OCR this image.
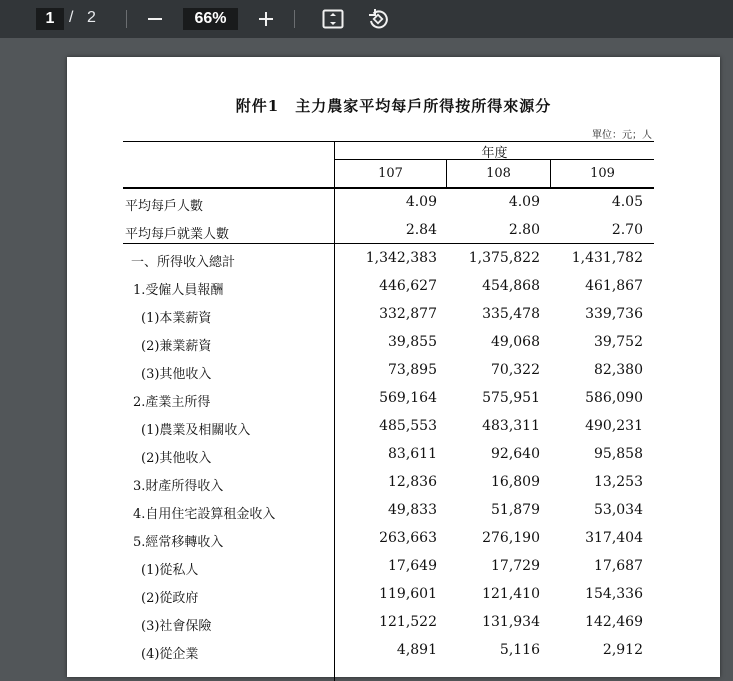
1 / 2	66%
附件1　主力農家平均每戶所得按所得來源分
單位：元；人
年度
107	108	109
平均每戶人數	4.09	4.09	4.05
平均每戶就業人數	2.84	2.80	2.70
一、所得收入總計	1,342,383	1,375,822	1,431,782
1.受僱人員報酬	446,627	454,868	461,867
(1)本業薪資	332,877	335,478	339,736
(2)兼業薪資	39,855	49,068	39,752
(3)其他收入	73,895	70,322	82,380
2.產業主所得	569,164	575,951	586,090
(1)農業及相關收入	485,553	483,311	490,231
(2)其他收入	83,611	92,640	95,858
3.財產所得收入	12,836	16,809	13,253
4.自用住宅設算租金收入	49,833	51,879	53,034
5.經常移轉收入	263,663	276,190	317,404
(1)從私人	17,649	17,729	17,687
(2)從政府	119,601	121,410	154,336
(3)社會保險	121,522	131,934	142,469
(4)從企業	4,891	5,116	2,912
